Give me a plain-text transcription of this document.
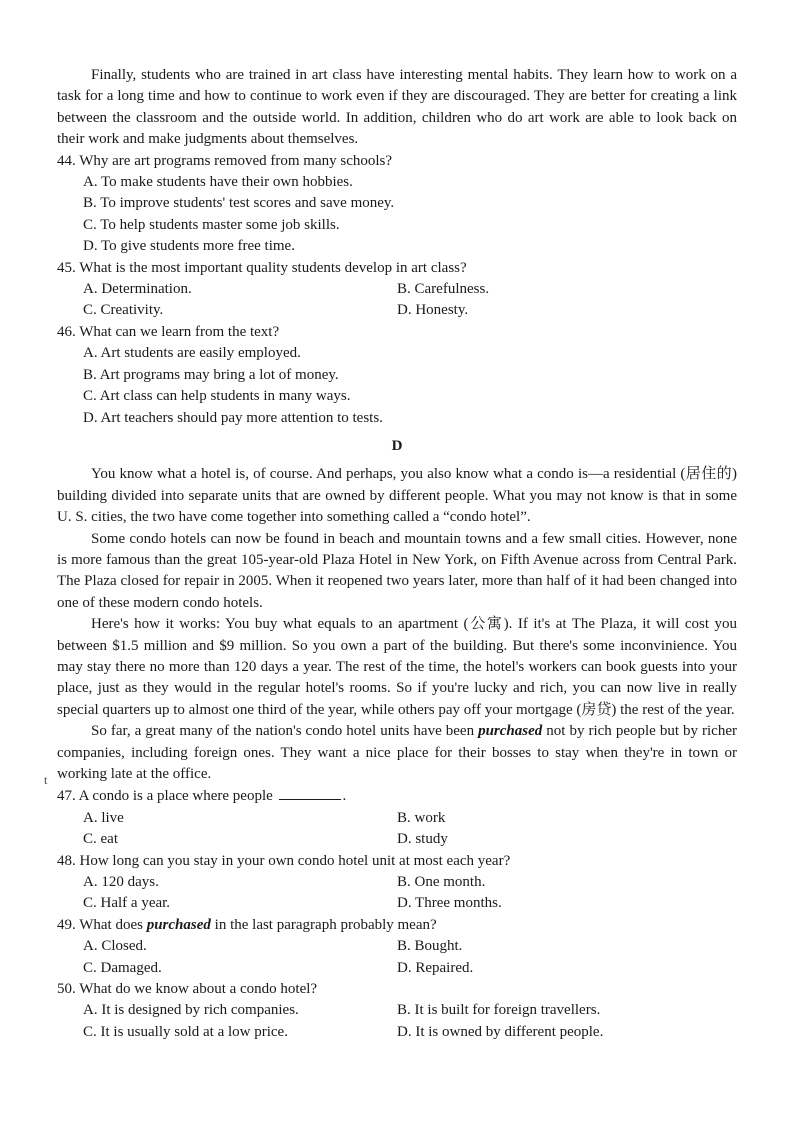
Finally, students who are trained in art class have interesting mental habits. They learn how to work on a task for a long time and how to continue to work even if they are discouraged. They are better for creating a link between the classroom and the outside world. In addition, children who do art work are able to look back on their work and make judgments about themselves.

44. Why are art programs removed from many schools?
A. To make students have their own hobbies.
B. To improve students' test scores and save money.
C. To help students master some job skills.
D. To give students more free time.
45. What is the most important quality students develop in art class?
A. Determination.	B. Carefulness.
C. Creativity.	D. Honesty.
46. What can we learn from the text?
A. Art students are easily employed.
B. Art programs may bring a lot of money.
C. Art class can help students in many ways.
D. Art teachers should pay more attention to tests.
D

You know what a hotel is, of course. And perhaps, you also know what a condo is—a residential (居住的) building divided into separate units that are owned by different people. What you may not know is that in some U. S. cities, the two have come together into something called a “condo hotel”.

Some condo hotels can now be found in beach and mountain towns and a few small cities. However, none is more famous than the great 105-year-old Plaza Hotel in New York, on Fifth Avenue across from Central Park. The Plaza closed for repair in 2005. When it reopened two years later, more than half of it had been changed into one of these modern condo hotels.

Here's how it works: You buy what equals to an apartment (公寓). If it's at The Plaza, it will cost you between $1.5 million and $9 million. So you own a part of the building. But there's some inconvinience. You may stay there no more than 120 days a year. The rest of the time, the hotel's workers can book guests into your place, just as they would in the regular hotel's rooms. So if you're lucky and rich, you can now live in really special quarters up to almost one third of the year, while others pay off your mortgage (房贷) the rest of the year.

So far, a great many of the nation's condo hotel units have been purchased not by rich people but by richer companies, including foreign ones. They want a nice place for their bosses to stay when they're in town or working late at the office.

47. A condo is a place where people	.
A. live	B. work
C. eat	D. study
48. How long can you stay in your own condo hotel unit at most each year?
A. 120 days.	B. One month.
C. Half a year.	D. Three months.
49. What does purchased in the last paragraph probably mean?
A. Closed.	B. Bought.
C. Damaged.	D. Repaired.
50. What do we know about a condo hotel?
A. It is designed by rich companies.	B. It is built for foreign travellers.
C. It is usually sold at a low price.	D. It is owned by different people.
t
